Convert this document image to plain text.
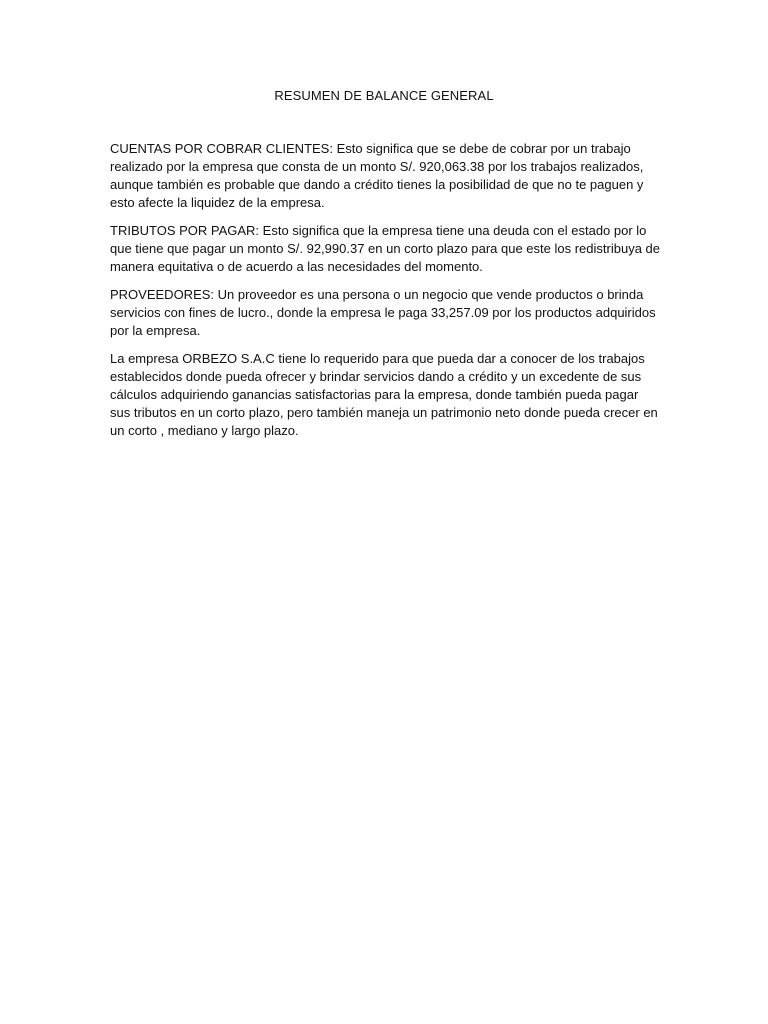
RESUMEN DE BALANCE GENERAL

CUENTAS POR COBRAR CLIENTES: Esto significa que se debe de cobrar por un trabajo realizado por la empresa que consta de un monto S/. 920,063.38 por los trabajos realizados, aunque también es probable que dando a crédito tienes la posibilidad de que no te paguen y esto afecte la liquidez de la empresa.

TRIBUTOS POR PAGAR: Esto significa que la empresa tiene una deuda con el estado por lo que tiene que pagar un monto S/. 92,990.37 en un corto plazo para que este los redistribuya de manera equitativa o de acuerdo a las necesidades del momento.

PROVEEDORES: Un proveedor es una persona o un negocio que vende productos o brinda servicios con fines de lucro., donde la empresa le paga 33,257.09 por los productos adquiridos por la empresa.

La empresa ORBEZO S.A.C tiene lo requerido para que pueda dar a conocer de los trabajos establecidos donde pueda ofrecer y brindar servicios dando a crédito y un excedente de sus cálculos adquiriendo ganancias satisfactorias para la empresa, donde también pueda pagar sus tributos en un corto plazo, pero también maneja un patrimonio neto donde pueda crecer en un corto , mediano y largo plazo.
